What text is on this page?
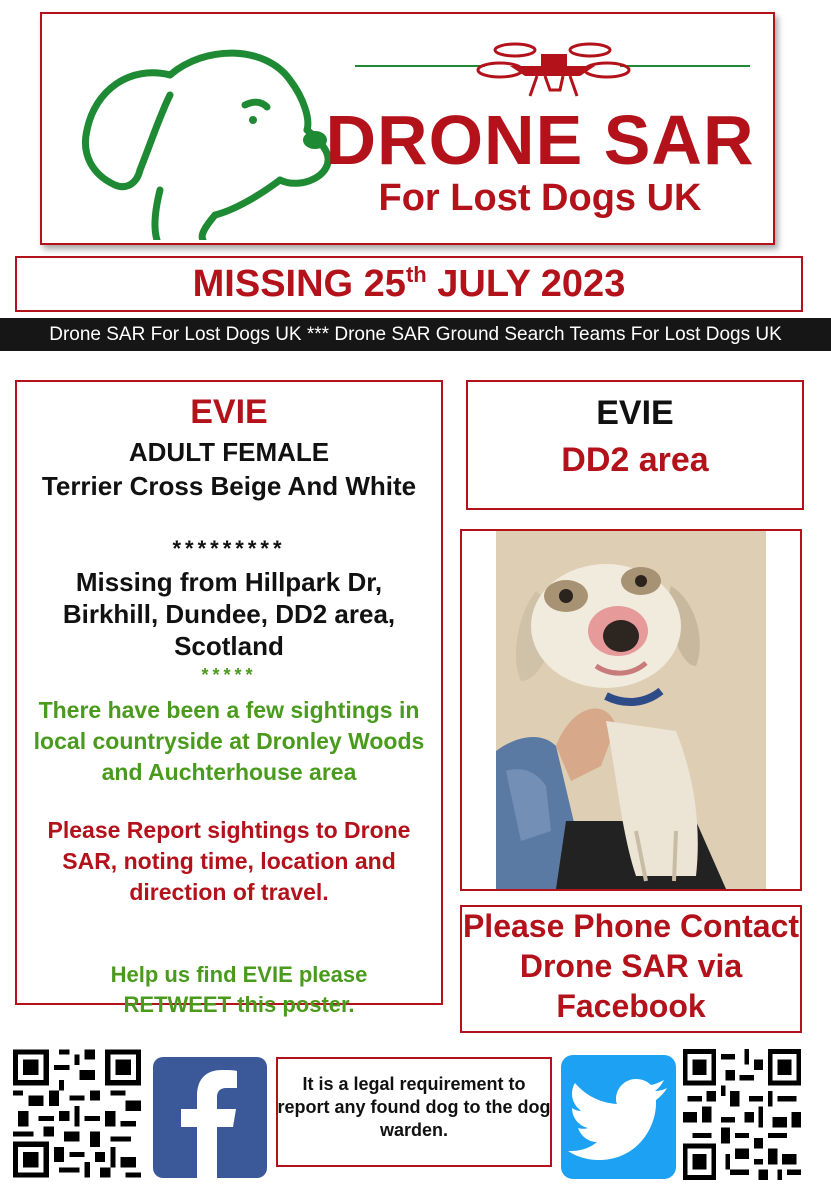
DRONE SAR
For Lost Dogs UK
MISSING 25th JULY 2023
Drone SAR For Lost Dogs UK *** Drone SAR Ground Search Teams For Lost Dogs UK
EVIE
ADULT FEMALE
Terrier Cross Beige And White
*********
Missing from Hillpark Dr, Birkhill, Dundee, DD2 area, Scotland
*****
There have been a few sightings in local countryside at Dronley Woods and Auchterhouse area
Please Report sightings to Drone SAR, noting time, location and direction of travel.
Help us find EVIE please RETWEET this poster.
EVIE
DD2 area
Please Phone Contact Drone SAR via Facebook
It is a legal requirement to report any found dog to the dog warden.
